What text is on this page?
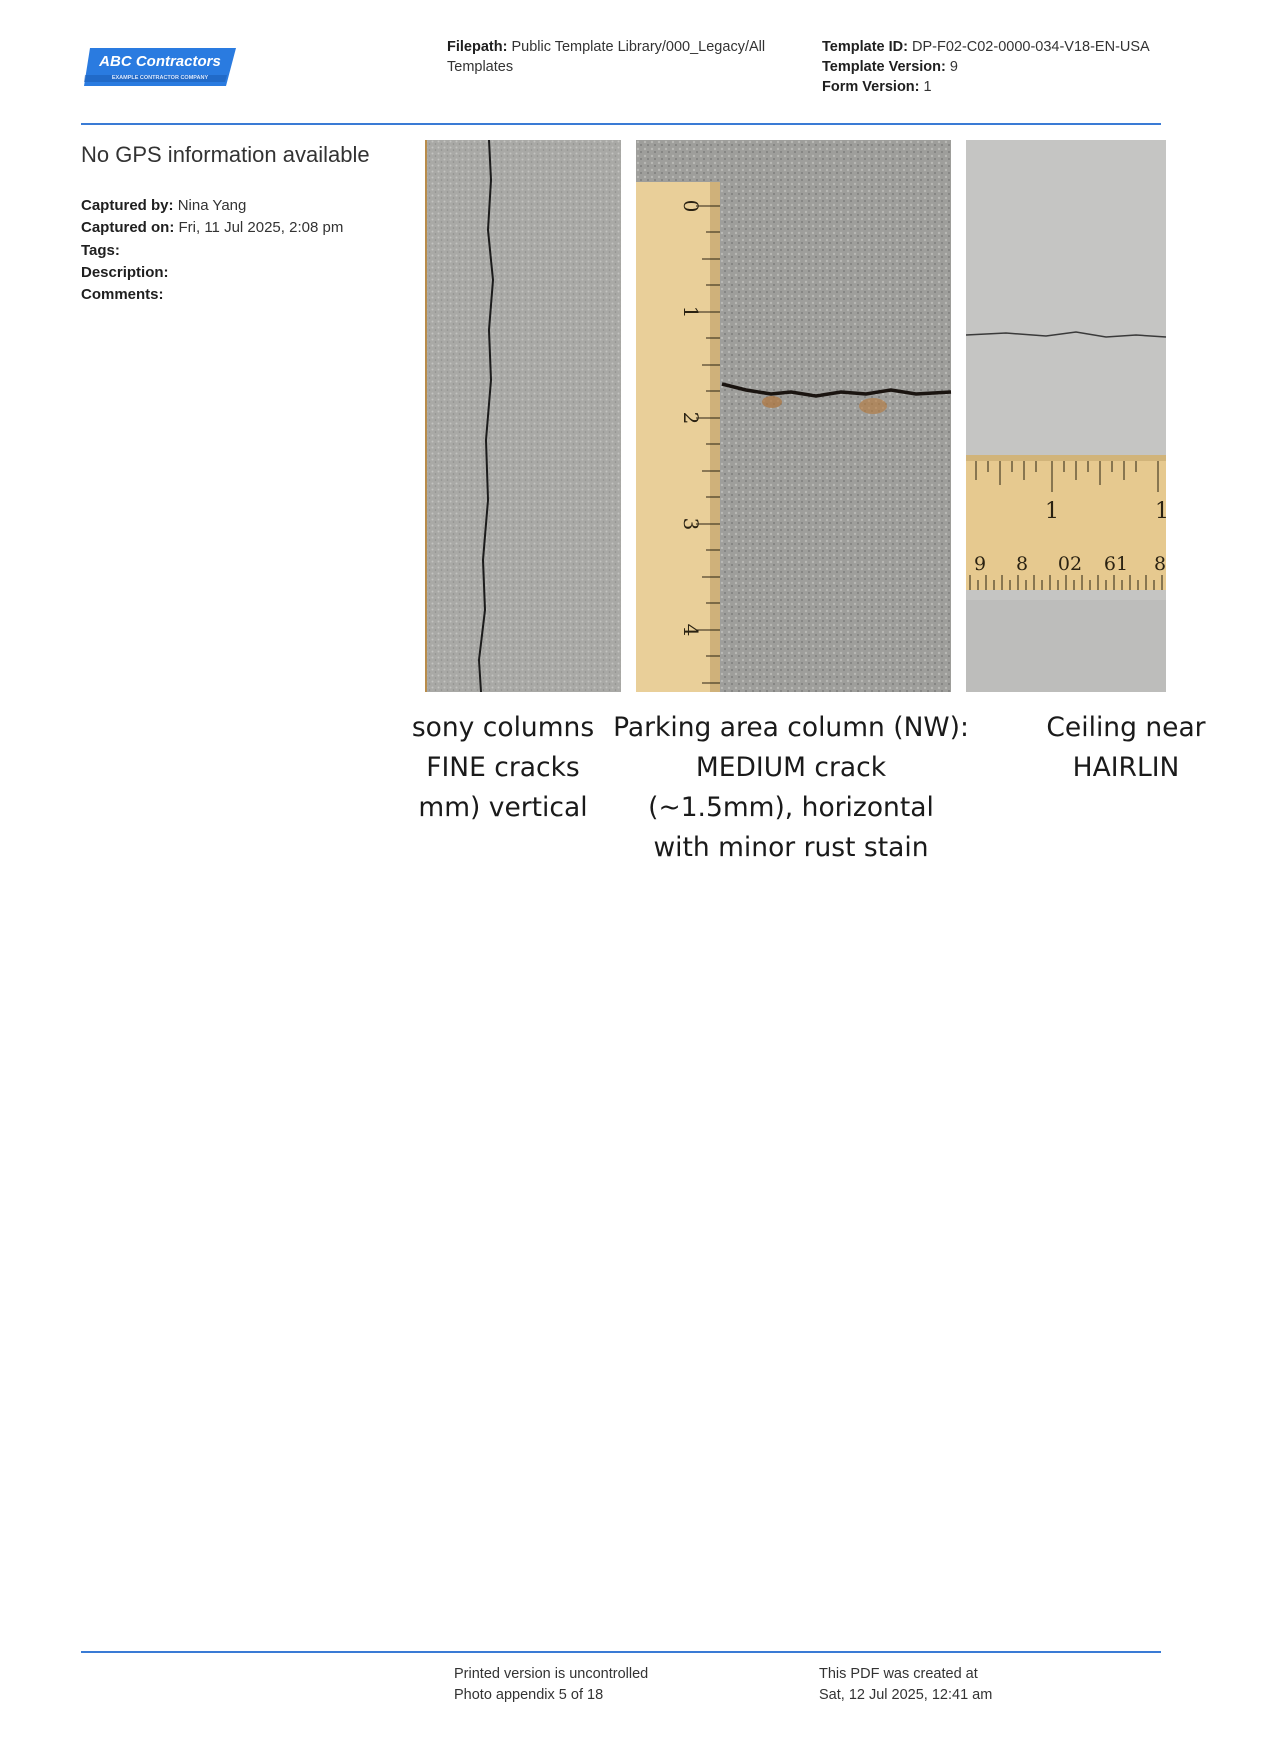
ABC Contractors
EXAMPLE CONTRACTOR COMPANY
Filepath: Public Template Library/000_Legacy/All Templates
Template ID: DP-F02-C02-0000-034-V18-EN-USA
Template Version: 9
Form Version: 1
No GPS information available
Captured by: Nina Yang
Captured on: Fri, 11 Jul 2025, 2:08 pm
Tags:
Description:
Comments:
0
1
2
3
4
1	1
9 8 02 61 8
sony columns
FINE cracks
mm) vertical
Parking area column (NW):
MEDIUM crack
(~1.5mm), horizontal
with minor rust stain
Ceiling near
HAIRLIN
Printed version is uncontrolled
Photo appendix 5 of 18
This PDF was created at
Sat, 12 Jul 2025, 12:41 am
